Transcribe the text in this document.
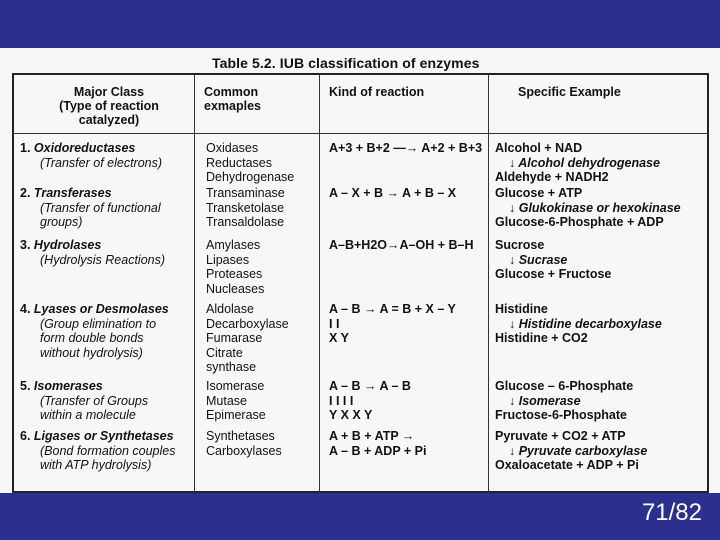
Table 5.2. IUB classification of enzymes
Major Class
(Type of reaction
catalyzed)
Common
exmaples
Kind of reaction	Specific Example
1. Oxidoreductases
(Transfer of electrons)
Oxidases
Reductases
Dehydrogenase
A+3 + B+2 —→ A+2 + B+3 Alcohol + NAD
↓ Alcohol dehydrogenase
Aldehyde + NADH2
2. Transferases
(Transfer of functional
groups)
Transaminase
Transketolase
Transaldolase
A – X + B → A + B – X	Glucose + ATP
↓ Glukokinase or hexokinase
Glucose-6-Phosphate + ADP
3. Hydrolases
(Hydrolysis Reactions)
Amylases
Lipases
Proteases
Nucleases
A–B+H2O→A–OH + B–H Sucrose
↓ Sucrase
Glucose + Fructose
4. Lyases or Desmolases
(Group elimination to
form double bonds
without hydrolysis)
Aldolase
Decarboxylase
Fumarase
Citrate
synthase
A – B → A = B + X – Y
I I
X Y
Histidine
↓ Histidine decarboxylase
Histidine + CO2
5. Isomerases
(Transfer of Groups
within a molecule
Isomerase
Mutase
Epimerase
A – B → A – B
I I I I
Y X X Y
Glucose – 6-Phosphate
↓ Isomerase
Fructose-6-Phosphate
6. Ligases or Synthetases
(Bond formation couples
with ATP hydrolysis)
Synthetases
Carboxylases
A + B + ATP →
A – B + ADP + Pi
Pyruvate + CO2 + ATP
↓ Pyruvate carboxylase
Oxaloacetate + ADP + Pi
71/82
